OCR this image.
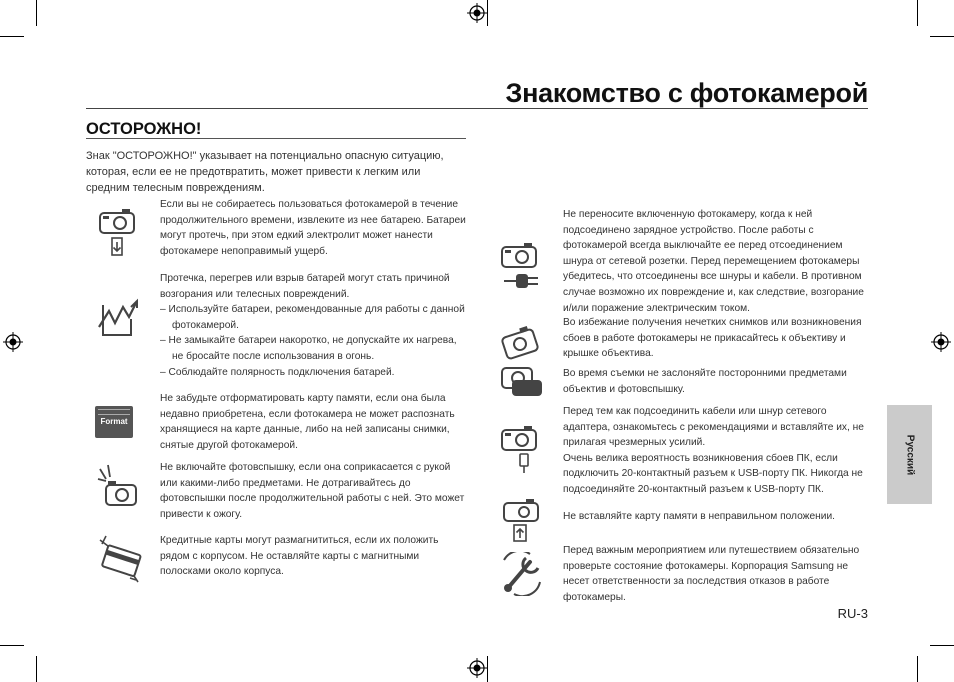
Знакомство с фотокамерой
ОСТОРОЖНО!
Знак "ОСТОРОЖНО!" указывает на потенциально опасную ситуацию, которая, если ее не предотвратить, может привести к легким или средним телесным повреждениям.
Если вы не собираетесь пользоваться фотокамерой в течение продолжительного времени, извлеките из нее батарею. Батареи могут протечь, при этом едкий электролит может нанести фотокамере непоправимый ущерб.

Протечка, перегрев или взрыв батарей могут стать причиной возгорания или телесных повреждений.

– Используйте батареи, рекомендованные для работы с данной фотокамерой.
– Не замыкайте батареи накоротко, не допускайте их нагрева, не бросайте после использования в огонь.
– Соблюдайте полярность подключения батарей.
Format
Не забудьте отформатировать карту памяти, если она была недавно приобретена, если фотокамера не может распознать хранящиеся на карте данные, либо на ней записаны снимки, снятые другой фотокамерой.
Не включайте фотовспышку, если она соприкасается с рукой или какими-либо предметами. Не дотрагивайтесь до фотовспышки после продолжительной работы с ней. Это может привести к ожогу.
Кредитные карты могут размагнититься, если их положить рядом с корпусом. Не оставляйте карты с магнитными полосками около корпуса.
Не переносите включенную фотокамеру, когда к ней подсоединено зарядное устройство. После работы с фотокамерой всегда выключайте ее перед отсоединением шнура от сетевой розетки. Перед перемещением фотокамеры убедитесь, что отсоединены все шнуры и кабели. В противном случае возможно их повреждение и, как следствие, возгорание и/или поражение электрическим током.
Во избежание получения нечетких снимков или возникновения сбоев в работе фотокамеры не прикасайтесь к объективу и крышке объектива.
Во время съемки не заслоняйте посторонними предметами объектив и фотовспышку.
Перед тем как подсоединить кабели или шнур сетевого адаптера, ознакомьтесь с рекомендациями и вставляйте их, не прилагая чрезмерных усилий.
Очень велика вероятность возникновения сбоев ПК, если подключить 20-контактный разъем к USB-порту ПК. Никогда не подсоединяйте 20-контактный разъем к USB-порту ПК.
Не вставляйте карту памяти в неправильном положении.
Перед важным мероприятием или путешествием обязательно проверьте состояние фотокамеры. Корпорация Samsung не несет ответственности за последствия отказов в работе фотокамеры.
Русский
RU-3
